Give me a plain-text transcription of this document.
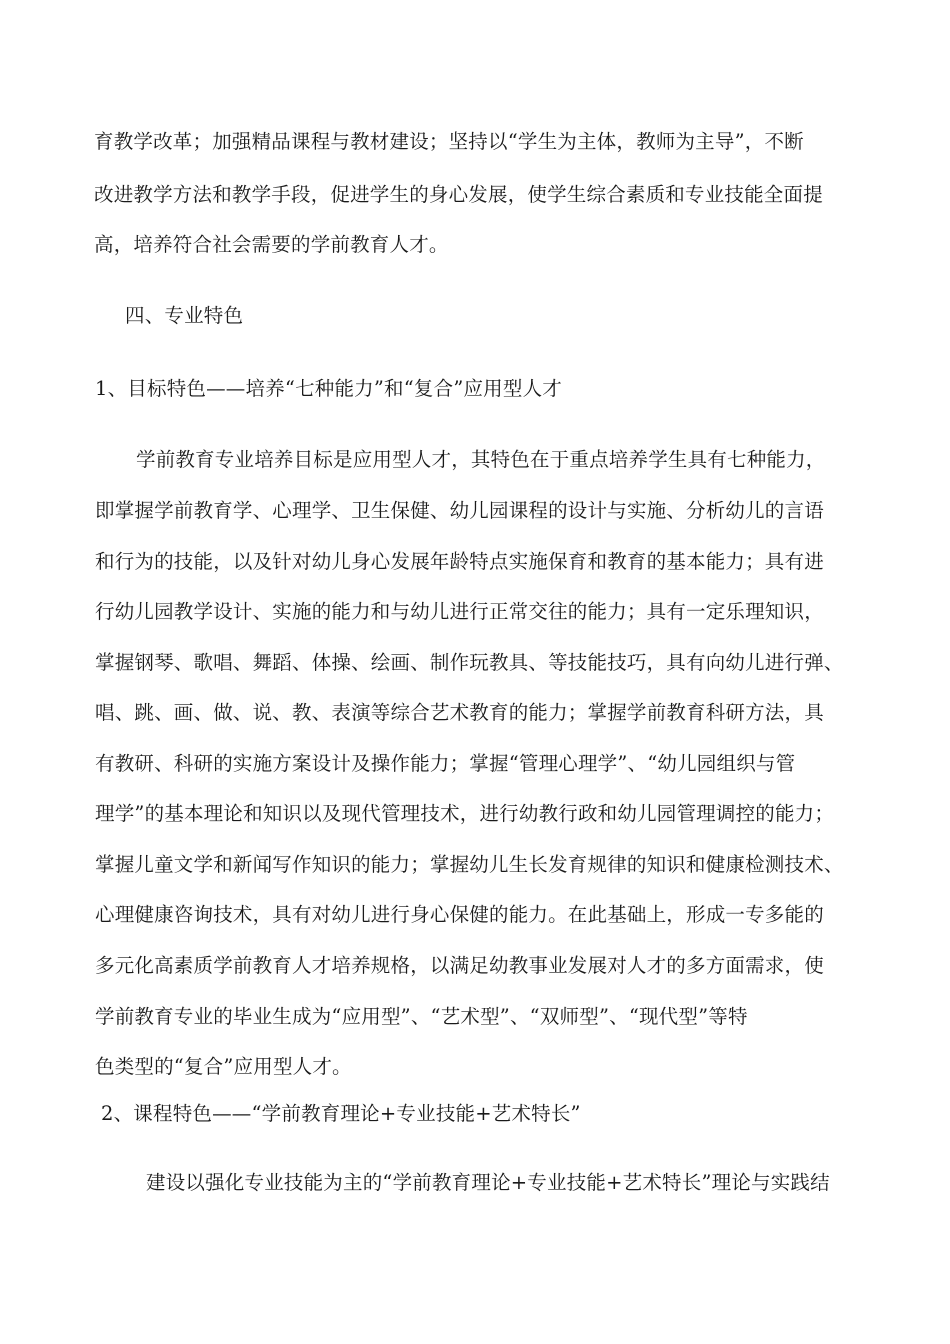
育教学改革；加强精品课程与教材建设；坚持以“学生为主体，教师为主导”，不断
改进教学方法和教学手段，促进学生的身心发展，使学生综合素质和专业技能全面提
高，培养符合社会需要的学前教育人才。
四、专业特色
1、目标特色——培养“七种能力”和“复合”应用型人才
学前教育专业培养目标是应用型人才，其特色在于重点培养学生具有七种能力，
即掌握学前教育学、心理学、卫生保健、幼儿园课程的设计与实施、分析幼儿的言语
和行为的技能，以及针对幼儿身心发展年龄特点实施保育和教育的基本能力；具有进
行幼儿园教学设计、实施的能力和与幼儿进行正常交往的能力；具有一定乐理知识，
掌握钢琴、歌唱、舞蹈、体操、绘画、制作玩教具、等技能技巧，具有向幼儿进行弹、
唱、跳、画、做、说、教、表演等综合艺术教育的能力；掌握学前教育科研方法，具
有教研、科研的实施方案设计及操作能力；掌握“管理心理学”、“幼儿园组织与管
理学”的基本理论和知识以及现代管理技术，进行幼教行政和幼儿园管理调控的能力；
掌握儿童文学和新闻写作知识的能力；掌握幼儿生长发育规律的知识和健康检测技术、
心理健康咨询技术，具有对幼儿进行身心保健的能力。在此基础上，形成一专多能的
多元化高素质学前教育人才培养规格，以满足幼教事业发展对人才的多方面需求，使
学前教育专业的毕业生成为“应用型”、“艺术型”、“双师型”、“现代型”等特
色类型的“复合”应用型人才。
2、课程特色——“学前教育理论+专业技能+艺术特长”
建设以强化专业技能为主的“学前教育理论+专业技能+艺术特长”理论与实践结
